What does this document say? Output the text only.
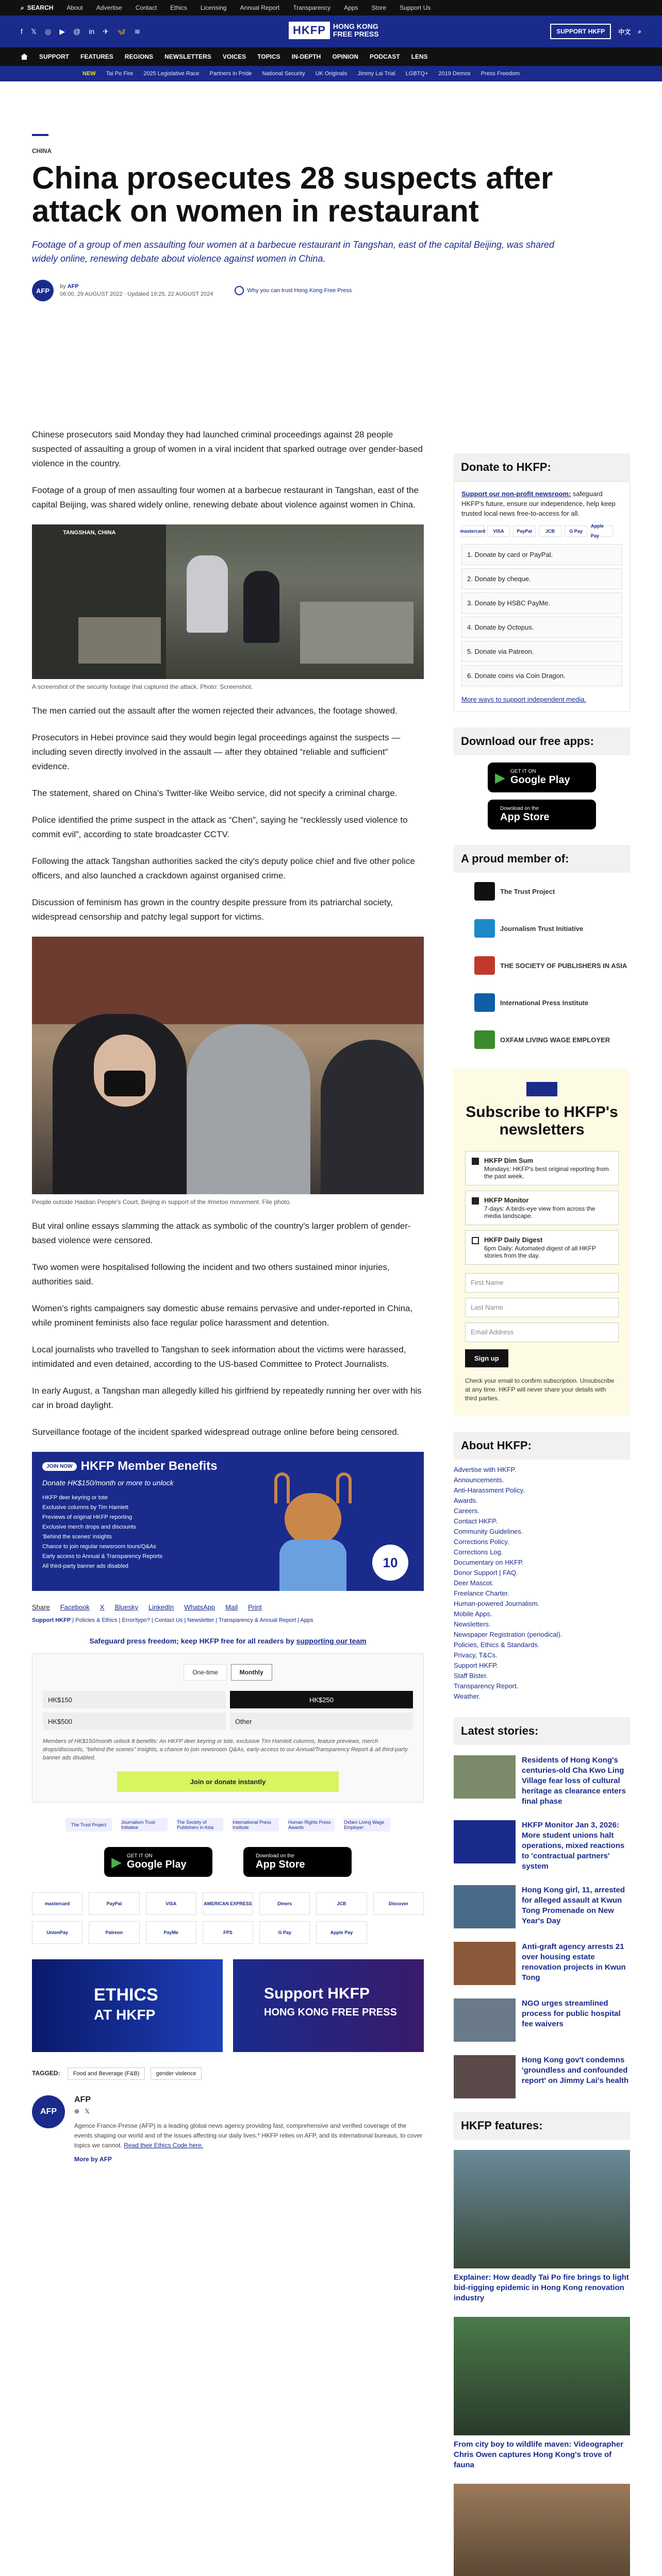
⌕ SEARCH About Advertise Contact Ethics Licensing Annual Report Transparency Apps Store Support Us
f 𝕏 ◎ ▶ @ in ✈ 🦋 ≋	HKFP	HONG KONG
FREE PRESS	SUPPORT HKFP	中文 ⌕
SUPPORT FEATURES REGIONS NEWSLETTERS VOICES TOPICS IN-DEPTH OPINION PODCAST LENS
NEW Tai Po Fire 2025 Legislative Race Partners in Pride National Security UK Originals Jimmy Lai Trial LGBTQ+ 2019 Demos Press Freedom
CHINA
China prosecutes 28 suspects after attack on women in restaurant
Footage of a group of men assaulting four women at a barbecue restaurant in Tangshan, east of the capital Beijing, was shared widely online, renewing debate about violence against women in China.
AFP
by AFP
06:00, 29 AUGUST 2022 · Updated 19:25, 22 AUGUST 2024
Why you can trust Hong Kong Free Press

Chinese prosecutors said Monday they had launched criminal proceedings against 28 people suspected of assaulting a group of women in a viral incident that sparked outrage over gender-based violence in the country.

Footage of a group of men assaulting four women at a barbecue restaurant in Tangshan, east of the capital Beijing, was shared widely online, renewing debate about violence against women in China.

TANGSHAN, CHINA
A screenshot of the security footage that captured the attack. Photo: Screenshot.

The men carried out the assault after the women rejected their advances, the footage showed.

Prosecutors in Hebei province said they would begin legal proceedings against the suspects — including seven directly involved in the assault — after they obtained “reliable and sufficient” evidence.

The statement, shared on China's Twitter-like Weibo service, did not specify a criminal charge.

Police identified the prime suspect in the attack as “Chen”, saying he “recklessly used violence to commit evil”, according to state broadcaster CCTV.

Following the attack Tangshan authorities sacked the city's deputy police chief and five other police officers, and also launched a crackdown against organised crime.

Discussion of feminism has grown in the country despite pressure from its patriarchal society, widespread censorship and patchy legal support for victims.

People outside Haidian People's Court, Beijing in support of the #metoo movement. File photo.

But viral online essays slamming the attack as symbolic of the country's larger problem of gender-based violence were censored.

Two women were hospitalised following the incident and two others sustained minor injuries, authorities said.

Women's rights campaigners say domestic abuse remains pervasive and under-reported in China, while prominent feminists also face regular police harassment and detention.

Local journalists who travelled to Tangshan to seek information about the victims were harassed, intimidated and even detained, according to the US-based Committee to Protect Journalists.

In early August, a Tangshan man allegedly killed his girlfriend by repeatedly running her over with his car in broad daylight.

Surveillance footage of the incident sparked widespread outrage online before being censored.

JOIN NOW HKFP Member Benefits
Donate HK$150/month or more to unlock
HKFP deer keyring or tote
Exclusive columns by Tim Hamlett
Previews of original HKFP reporting
Exclusive merch drops and discounts
'Behind the scenes' insights
Chance to join regular newsroom tours/Q&As
Early access to Annual & Transparency Reports
All third-party banner ads disabled	10
Share Facebook X Bluesky LinkedIn WhatsApp Mail Print
Support HKFP | Policies & Ethics | Error/typo? | Contact Us | Newsletter | Transparency & Annual Report | Apps
Safeguard press freedom; keep HKFP free for all readers by supporting our team
One-time	Monthly
HK$150	HK$250
HK$500	Other
Members of HK$150/month unlock 8 benefits: An HKFP deer keyring or tote, exclusive Tim Hamlett columns, feature previews, merch drops/discounts, "behind the scenes" insights, a chance to join newsroom Q&As, early-access to our Annual/Transparency Report & all third-party banner ads disabled.
Join or donate instantly
The Trust Project	Journalism Trust Initiative
The Society of Publishers in Asia
International Press Institute
Human Rights Press Awards
Oxfam Living Wage Employer
▶ GET IT ON
Google Play
Download on the
App Store
mastercard	PayPal	VISA	AMERICAN EXPRESS	Diners	JCB	Discover
UnionPay	Patreon	PayMe	FPS	G Pay	Apple Pay
ETHICS
AT HKFP
Support HKFP
HONG KONG FREE PRESS
TAGGED: Food and Beverage (F&B)	gender violence
AFP
AFP
⊕ 𝕏
Agence France-Presse (AFP) is a leading global news agency providing fast, comprehensive and verified coverage of the events shaping our world and of the issues affecting our daily lives.* HKFP relies on AFP, and its international bureaus, to cover topics we cannot. Read their Ethics Code here.
More by AFP
Donate to HKFP:
Support our non-profit newsroom: safeguard HKFP's future, ensure our independence, help keep trusted local news free-to-access for all.
mastercard	VISA	PayPal	JCB	G Pay
Apple Pay
1. Donate by card or PayPal.
2. Donate by cheque.
3. Donate by HSBC PayMe.
4. Donate by Octopus.
5. Donate via Patreon.
6. Donate coins via Coin Dragon.
More ways to support independent media.
Download our free apps:
▶ GET IT ON
Google Play
Download on the
App Store
A proud member of:
The Trust Project
Journalism Trust Initiative
THE SOCIETY OF PUBLISHERS IN ASIA
International Press Institute
OXFAM LIVING WAGE EMPLOYER
Subscribe to HKFP's newsletters
HKFP Dim Sum
Mondays: HKFP's best original reporting from the past week.
HKFP Monitor
7-days: A birds-eye view from across the media landscape.
HKFP Daily Digest
6pm Daily: Automated digest of all HKFP stories from the day.
First Name
Last Name
Email Address
Sign up
Check your email to confirm subscription. Unsubscribe at any time. HKFP will never share your details with third parties.
About HKFP:
Advertise with HKFP.
Announcements.
Anti-Harassment Policy.
Awards.
Careers.
Contact HKFP.
Community Guidelines.
Corrections Policy.
Corrections Log.
Documentary on HKFP.
Donor Support | FAQ.
Deer Mascot.
Freelance Charter.
Human-powered Journalism.
Mobile Apps.
Newsletters.
Newspaper Registration (periodical).
Policies, Ethics & Standards.
Privacy, T&Cs.
Support HKFP.
Staff Bister.
Transparency Report.
Weather.
Latest stories:
Residents of Hong Kong's centuries-old Cha Kwo Ling Village fear loss of cultural heritage as clearance enters final phase
HKFP Monitor Jan 3, 2026: More student unions halt operations, mixed reactions to 'contractual partners' system
Hong Kong girl, 11, arrested for alleged assault at Kwun Tong Promenade on New Year's Day
Anti-graft agency arrests 21 over housing estate renovation projects in Kwun Tong
NGO urges streamlined process for public hospital fee waivers
Hong Kong gov't condemns 'groundless and confounded report' on Jimmy Lai's health
HKFP features:
Explainer: How deadly Tai Po fire brings to light bid-rigging epidemic in Hong Kong renovation industry
From city boy to wildlife maven: Videographer Chris Owen captures Hong Kong's trove of fauna
